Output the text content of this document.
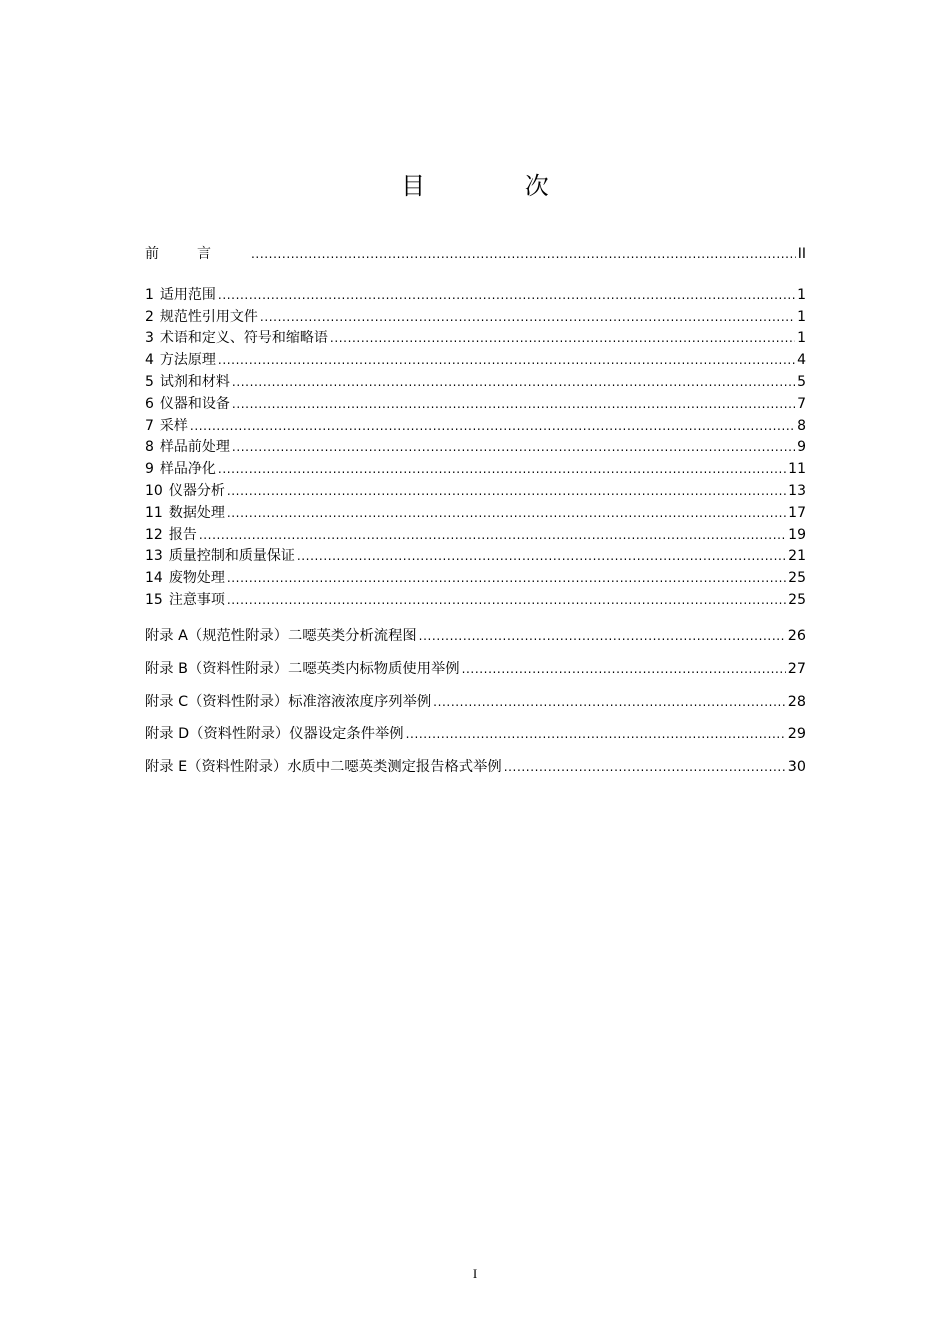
目 次
前言 .....	II
1 适用范围 .....	1
2 规范性引用文件 .....	1
3 术语和定义、符号和缩略语 .....	1
4 方法原理 .....	4
5 试剂和材料 .....	5
6 仪器和设备 .....	7
7 采样 .....	8
8 样品前处理 .....	9
9 样品净化 .....	11
10 仪器分析 .....	13
11 数据处理 .....	17
12 报告 .....	19
13 质量控制和质量保证 .....	21
14 废物处理 .....	25
15 注意事项 .....	25
附录 A（规范性附录）二噁英类分析流程图 .....	26
附录 B（资料性附录）二噁英类内标物质使用举例 .....	27
附录 C（资料性附录）标准溶液浓度序列举例 .....	28
附录 D（资料性附录）仪器设定条件举例 .....	29
附录 E（资料性附录）水质中二噁英类测定报告格式举例 .....	30
I
